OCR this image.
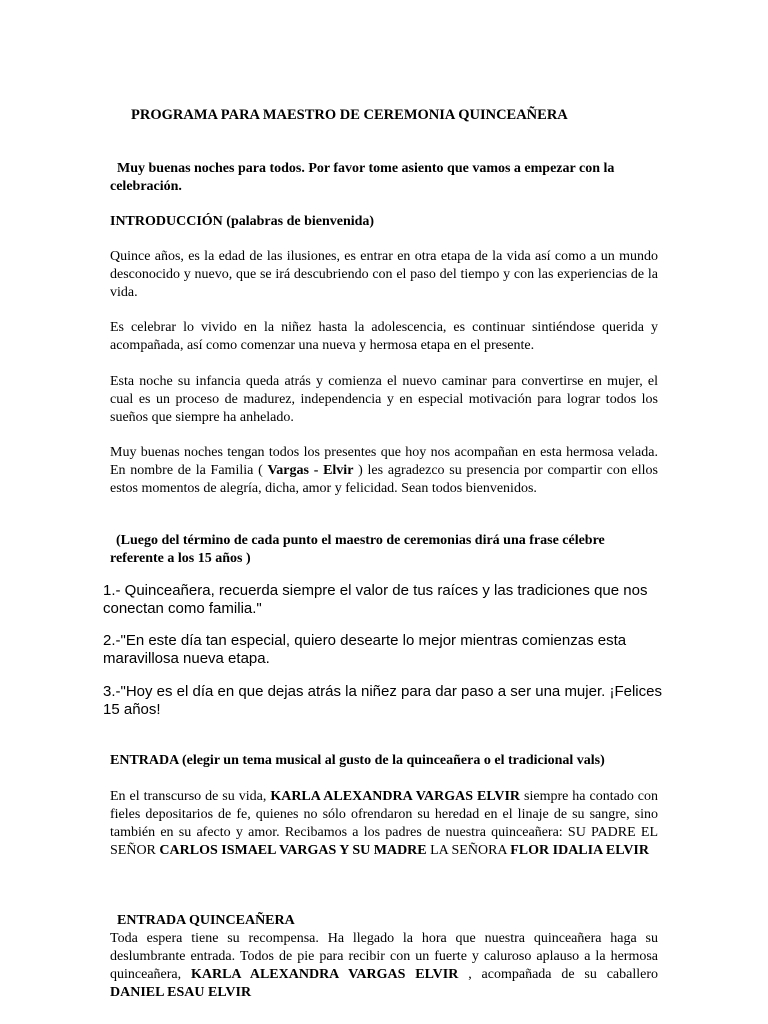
PROGRAMA PARA MAESTRO DE CEREMONIA QUINCEAÑERA

Muy buenas noches para todos. Por favor tome asiento que vamos a empezar con la celebración.

INTRODUCCIÓN (palabras de bienvenida)

Quince años, es la edad de las ilusiones, es entrar en otra etapa de la vida así como a un mundo desconocido y nuevo, que se irá descubriendo con el paso del tiempo y con las experiencias de la vida.

Es celebrar lo vivido en la niñez hasta la adolescencia, es continuar sintiéndose querida y acompañada, así como comenzar una nueva y hermosa etapa en el presente.

Esta noche su infancia queda atrás y comienza el nuevo caminar para convertirse en mujer, el cual es un proceso de madurez, independencia y en especial motivación para lograr todos los sueños que siempre ha anhelado.

Muy buenas noches tengan todos los presentes que hoy nos acompañan en esta hermosa velada. En nombre de la Familia ( Vargas - Elvir ) les agradezco su presencia por compartir con ellos estos momentos de alegría, dicha, amor y felicidad. Sean todos bienvenidos.

(Luego del término de cada punto el maestro de ceremonias dirá una frase célebre referente a los 15 años )

1.- Quinceañera, recuerda siempre el valor de tus raíces y las tradiciones que nos conectan como familia."

2.-"En este día tan especial, quiero desearte lo mejor mientras comienzas esta maravillosa nueva etapa.

3.-"Hoy es el día en que dejas atrás la niñez para dar paso a ser una mujer. ¡Felices 15 años!

ENTRADA (elegir un tema musical al gusto de la quinceañera o el tradicional vals)

En el transcurso de su vida, KARLA ALEXANDRA VARGAS ELVIR siempre ha contado con fieles depositarios de fe, quienes no sólo ofrendaron su heredad en el linaje de su sangre, sino también en su afecto y amor. Recibamos a los padres de nuestra quinceañera: SU PADRE EL SEÑOR CARLOS ISMAEL VARGAS Y SU MADRE LA SEÑORA FLOR IDALIA ELVIR

ENTRADA QUINCEAÑERA

Toda espera tiene su recompensa. Ha llegado la hora que nuestra quinceañera haga su deslumbrante entrada. Todos de pie para recibir con un fuerte y caluroso aplauso a la hermosa quinceañera, KARLA ALEXANDRA VARGAS ELVIR , acompañada de su caballero DANIEL ESAU ELVIR
